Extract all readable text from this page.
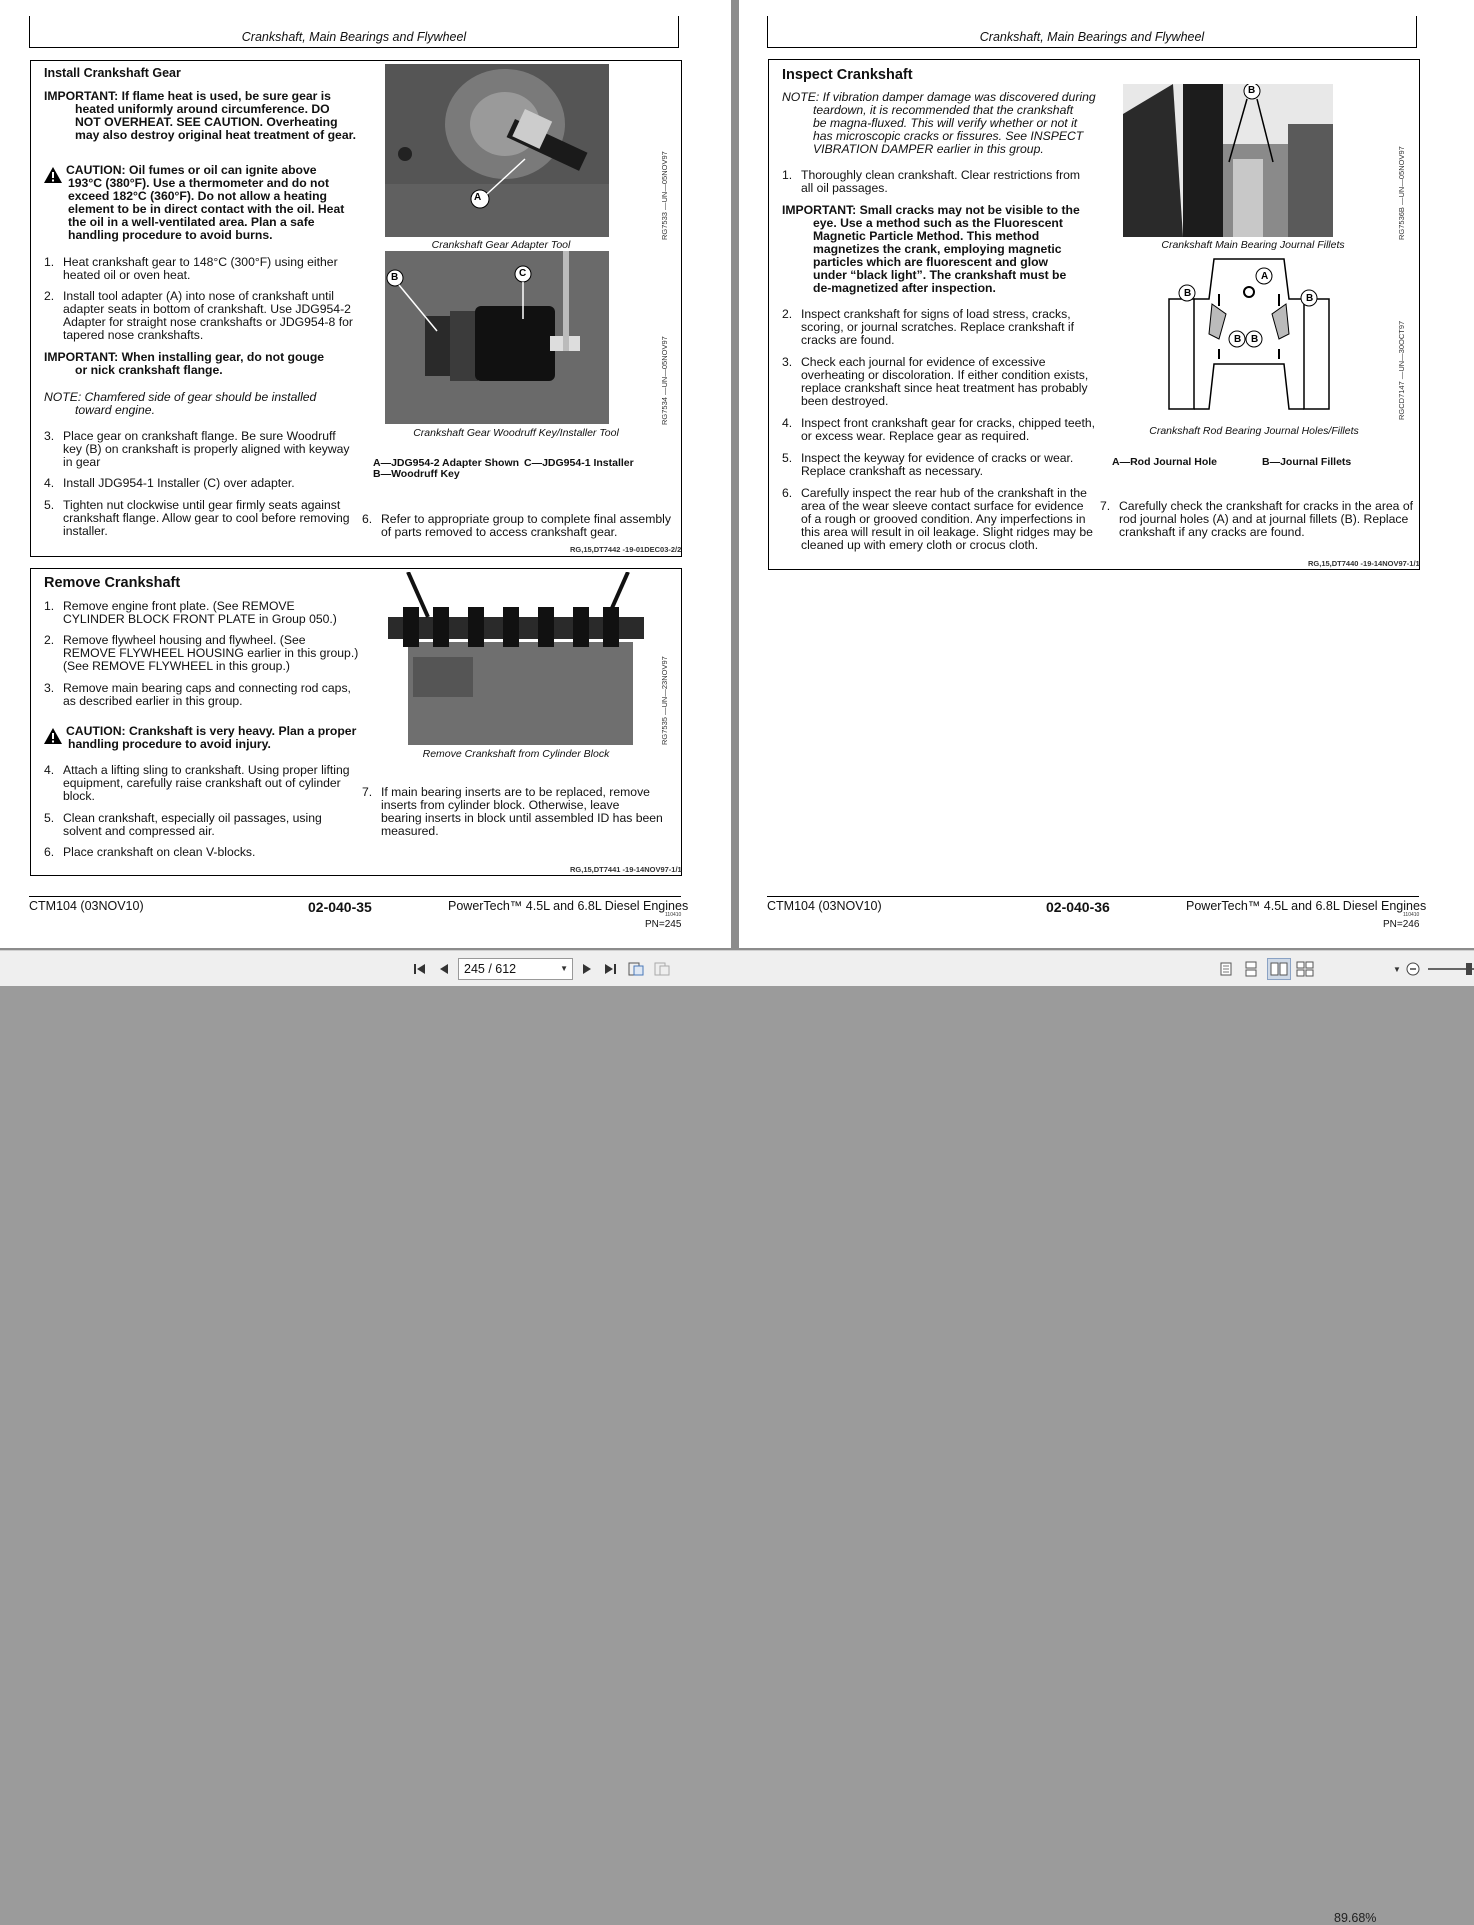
Crankshaft, Main Bearings and Flywheel
Install Crankshaft Gear
IMPORTANT: If flame heat is used, be sure gear is
heated uniformly around circumference. DO
NOT OVERHEAT. SEE CAUTION. Overheating
may also destroy original heat treatment of gear.
CAUTION: Oil fumes or oil can ignite above
193°C (380°F). Use a thermometer and do not
exceed 182°C (360°F). Do not allow a heating
element to be in direct contact with the oil. Heat
the oil in a well-ventilated area. Plan a safe
handling procedure to avoid burns.
1. Heat crankshaft gear to 148°C (300°F) using either
heated oil or oven heat.
2. Install tool adapter (A) into nose of crankshaft until
adapter seats in bottom of crankshaft. Use JDG954-2
Adapter for straight nose crankshafts or JDG954-8 for
tapered nose crankshafts.
IMPORTANT: When installing gear, do not gouge
or nick crankshaft flange.
NOTE: Chamfered side of gear should be installed
toward engine.
3. Place gear on crankshaft flange. Be sure Woodruff
key (B) on crankshaft is properly aligned with keyway
in gear
4. Install JDG954-1 Installer (C) over adapter.
5. Tighten nut clockwise until gear firmly seats against
crankshaft flange. Allow gear to cool before removing
installer.
A
Crankshaft Gear Adapter Tool
RG7533 —UN—05NOV97
B	C
Crankshaft Gear Woodruff Key/Installer Tool
RG7534 —UN—05NOV97
A—JDG954-2 Adapter Shown
B—Woodruff Key
C—JDG954-1 Installer
6. Refer to appropriate group to complete final assembly
of parts removed to access crankshaft gear.
RG,15,DT7442 -19-01DEC03-2/2
Remove Crankshaft
1. Remove engine front plate. (See REMOVE
CYLINDER BLOCK FRONT PLATE in Group 050.)
2. Remove flywheel housing and flywheel. (See
REMOVE FLYWHEEL HOUSING earlier in this group.)
(See REMOVE FLYWHEEL in this group.)
3. Remove main bearing caps and connecting rod caps,
as described earlier in this group.
CAUTION: Crankshaft is very heavy. Plan a proper
handling procedure to avoid injury.
4. Attach a lifting sling to crankshaft. Using proper lifting
equipment, carefully raise crankshaft out of cylinder
block.
5. Clean crankshaft, especially oil passages, using
solvent and compressed air.
6. Place crankshaft on clean V-blocks.
Remove Crankshaft from Cylinder Block
RG7535 —UN—23NOV97
7. If main bearing inserts are to be replaced, remove
inserts from cylinder block. Otherwise, leave
bearing inserts in block until assembled ID has been
measured.
RG,15,DT7441 -19-14NOV97-1/1
CTM104 (03NOV10)	02-040-35	PowerTech™ 4.5L and 6.8L Diesel Engines
110410
PN=245
Crankshaft, Main Bearings and Flywheel
Inspect Crankshaft
NOTE: If vibration damper damage was discovered during
teardown, it is recommended that the crankshaft
be magna-fluxed. This will verify whether or not it
has microscopic cracks or fissures. See INSPECT
VIBRATION DAMPER earlier in this group.
1. Thoroughly clean crankshaft. Clear restrictions from
all oil passages.
IMPORTANT: Small cracks may not be visible to the
eye. Use a method such as the Fluorescent
Magnetic Particle Method. This method
magnetizes the crank, employing magnetic
particles which are fluorescent and glow
under “black light”. The crankshaft must be
de-magnetized after inspection.
2. Inspect crankshaft for signs of load stress, cracks,
scoring, or journal scratches. Replace crankshaft if
cracks are found.
3. Check each journal for evidence of excessive
overheating or discoloration. If either condition exists,
replace crankshaft since heat treatment has probably
been destroyed.
4. Inspect front crankshaft gear for cracks, chipped teeth,
or excess wear. Replace gear as required.
5. Inspect the keyway for evidence of cracks or wear.
Replace crankshaft as necessary.
6. Carefully inspect the rear hub of the crankshaft in the
area of the wear sleeve contact surface for evidence
of a rough or grooved condition. Any imperfections in
this area will result in oil leakage. Slight ridges may be
cleaned up with emery cloth or crocus cloth.
B
Crankshaft Main Bearing Journal Fillets
RG7536B —UN—05NOV97
A
B	B
B B
Crankshaft Rod Bearing Journal Holes/Fillets
RGCD7147 —UN—30OCT97
A—Rod Journal Hole	B—Journal Fillets
7. Carefully check the crankshaft for cracks in the area of
rod journal holes (A) and at journal fillets (B). Replace
crankshaft if any cracks are found.
RG,15,DT7440 -19-14NOV97-1/1
CTM104 (03NOV10)	02-040-36	PowerTech™ 4.5L and 6.8L Diesel Engines
110410
PN=246
245 / 612	▼
89.68%
▼
